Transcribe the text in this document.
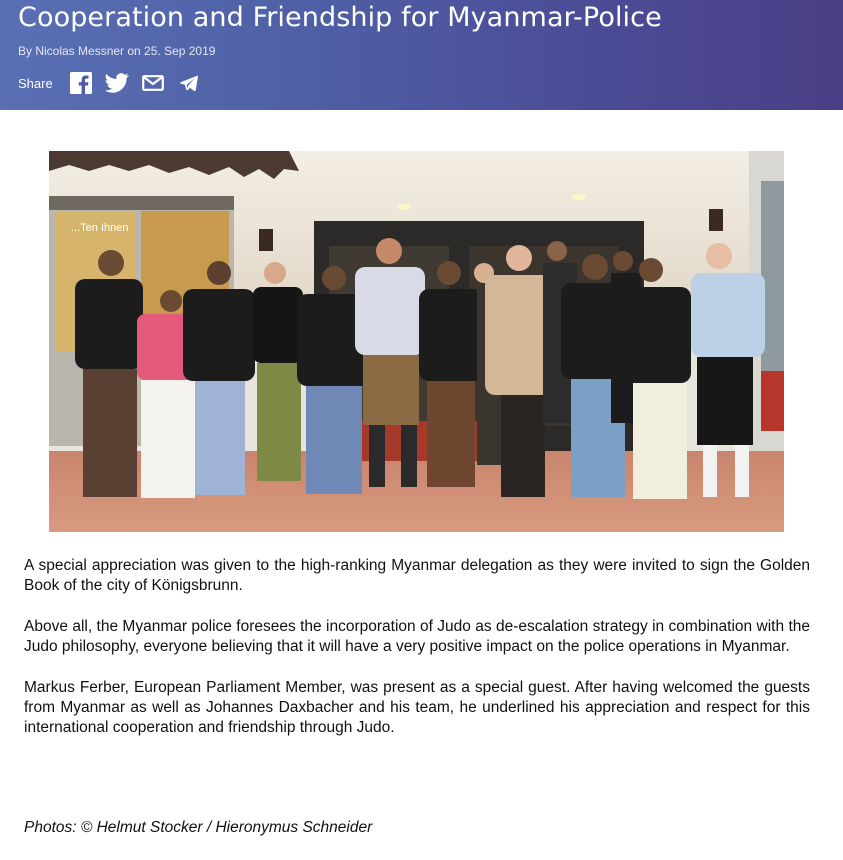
Cooperation and Friendship for Myanmar-Police
By Nicolas Messner on 25. Sep 2019
Share
...Ten Ihnen

A special appreciation was given to the high-ranking Myanmar delegation as they were invited to sign the Golden Book of the city of Königsbrunn.

Above all, the Myanmar police foresees the incorporation of Judo as de-escalation strategy in combination with the Judo philosophy, everyone believing that it will have a very positive impact on the police operations in Myanmar.

Markus Ferber, European Parliament Member, was present as a special guest. After having welcomed the guests from Myanmar as well as Johannes Daxbacher and his team, he underlined his appreciation and respect for this international cooperation and friendship through Judo.

Photos: © Helmut Stocker / Hieronymus Schneider
